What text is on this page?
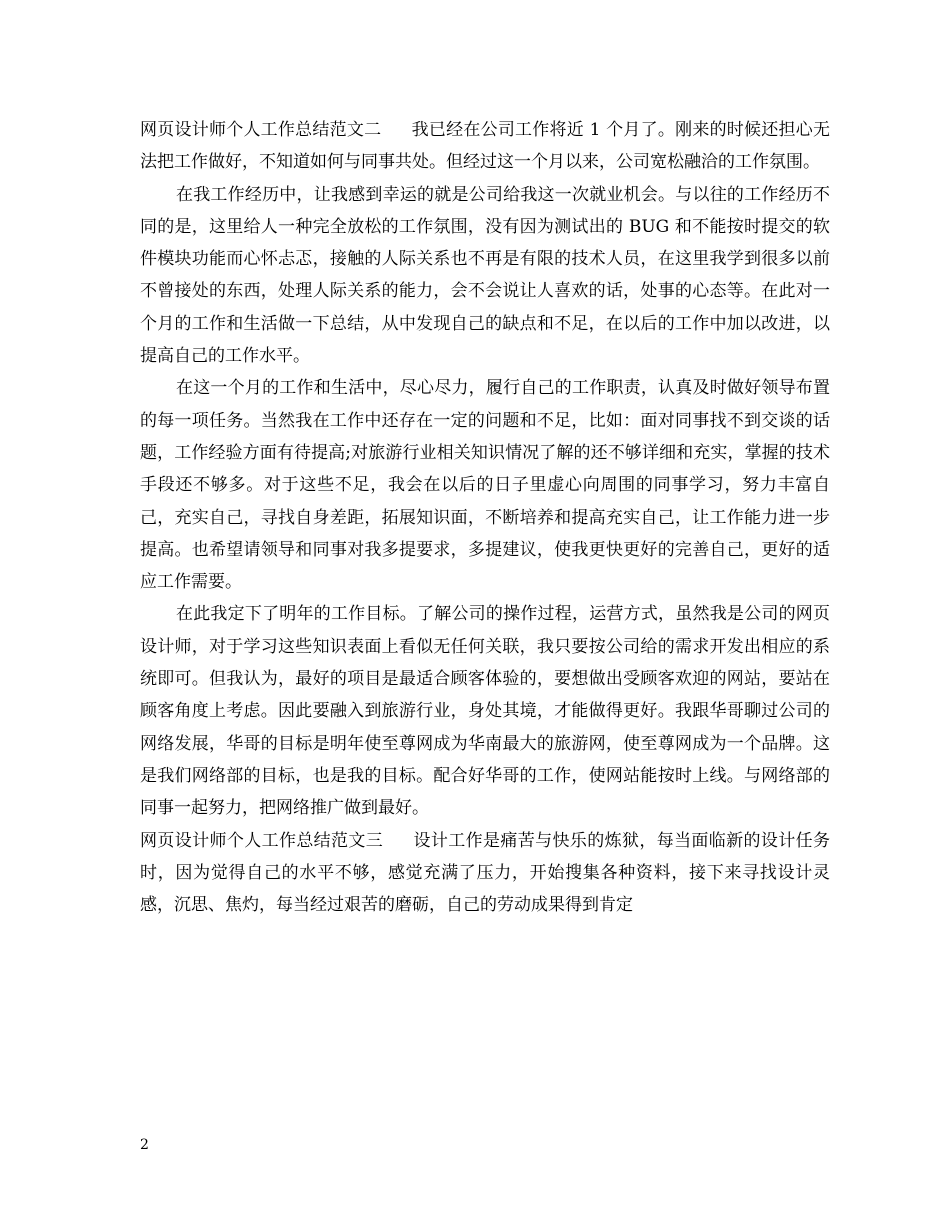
网页设计师个人工作总结范文二 我已经在公司工作将近 1 个月了。刚来的时候还担心无法把工作做好，不知道如何与同事共处。但经过这一个月以来，公司宽松融洽的工作氛围。

在我工作经历中，让我感到幸运的就是公司给我这一次就业机会。与以往的工作经历不同的是，这里给人一种完全放松的工作氛围，没有因为测试出的 BUG 和不能按时提交的软件模块功能而心怀忐忑，接触的人际关系也不再是有限的技术人员，在这里我学到很多以前不曾接处的东西，处理人际关系的能力，会不会说让人喜欢的话，处事的心态等。在此对一个月的工作和生活做一下总结，从中发现自己的缺点和不足，在以后的工作中加以改进，以提高自己的工作水平。

在这一个月的工作和生活中，尽心尽力，履行自己的工作职责，认真及时做好领导布置的每一项任务。当然我在工作中还存在一定的问题和不足，比如：面对同事找不到交谈的话题，工作经验方面有待提高;对旅游行业相关知识情况了解的还不够详细和充实，掌握的技术手段还不够多。对于这些不足，我会在以后的日子里虚心向周围的同事学习，努力丰富自己，充实自己，寻找自身差距，拓展知识面，不断培养和提高充实自己，让工作能力进一步提高。也希望请领导和同事对我多提要求，多提建议，使我更快更好的完善自己，更好的适应工作需要。

在此我定下了明年的工作目标。了解公司的操作过程，运营方式，虽然我是公司的网页设计师，对于学习这些知识表面上看似无任何关联，我只要按公司给的需求开发出相应的系统即可。但我认为，最好的项目是最适合顾客体验的，要想做出受顾客欢迎的网站，要站在顾客角度上考虑。因此要融入到旅游行业，身处其境，才能做得更好。我跟华哥聊过公司的网络发展，华哥的目标是明年使至尊网成为华南最大的旅游网，使至尊网成为一个品牌。这是我们网络部的目标，也是我的目标。配合好华哥的工作，使网站能按时上线。与网络部的同事一起努力，把网络推广做到最好。

网页设计师个人工作总结范文三 设计工作是痛苦与快乐的炼狱，每当面临新的设计任务时，因为觉得自己的水平不够，感觉充满了压力，开始搜集各种资料，接下来寻找设计灵感，沉思、焦灼，每当经过艰苦的磨砺，自己的劳动成果得到肯定

2
